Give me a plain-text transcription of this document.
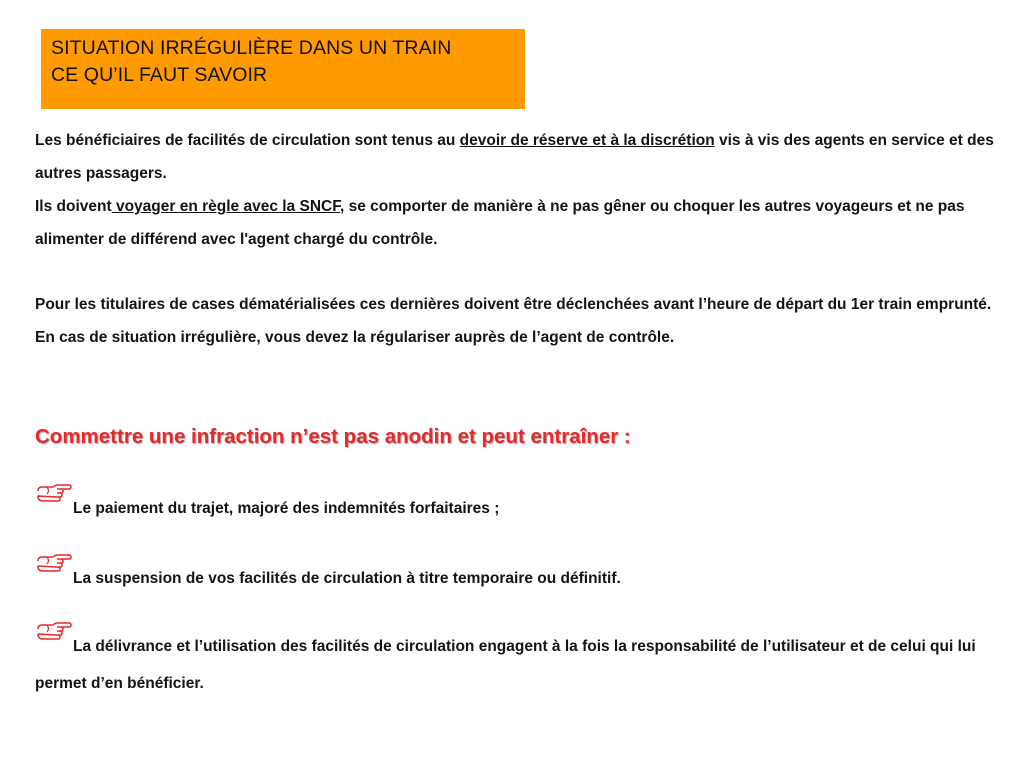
SITUATION IRRÉGULIÈRE DANS UN TRAIN
CE QU’IL FAUT SAVOIR
Les bénéficiaires de facilités de circulation sont tenus au devoir de réserve et à la discrétion vis à vis des agents en service et des autres passagers.
Ils doivent voyager en règle avec la SNCF, se comporter de manière à ne pas gêner ou choquer les autres voyageurs et ne pas alimenter de différend avec l'agent chargé du contrôle.
Pour les titulaires de cases dématérialisées ces dernières doivent être déclenchées avant l’heure de départ du 1er train emprunté.
En cas de situation irrégulière, vous devez la régulariser auprès de l’agent de contrôle.
Commettre une infraction n’est pas anodin et peut entraîner :
Le paiement du trajet, majoré des indemnités forfaitaires ;
La suspension de vos facilités de circulation à titre temporaire ou définitif.
La délivrance et l’utilisation des facilités de circulation engagent à la fois la responsabilité de l’utilisateur et de celui qui lui permet d’en bénéficier.
